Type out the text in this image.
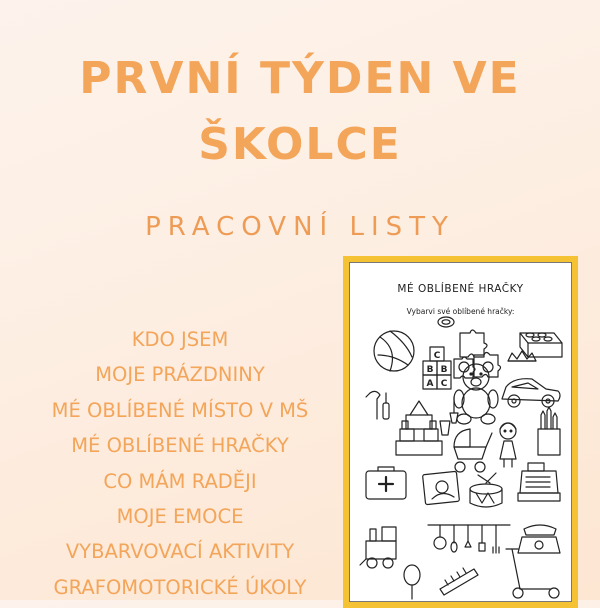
PRVNÍ TÝDEN VE ŠKOLCE
PRACOVNÍ LISTY
KDO JSEM
MOJE PRÁZDNINY
MÉ OBLÍBENÉ MÍSTO V MŠ
MÉ OBLÍBENÉ HRAČKY
CO MÁM RADĚJI
MOJE EMOCE
VYBARVOVACÍ AKTIVITY
GRAFOMOTORICKÉ ÚKOLY
MÉ OBLÍBENÉ HRAČKY
Vybarvi své oblíbené hračky:
C
B B
A C
